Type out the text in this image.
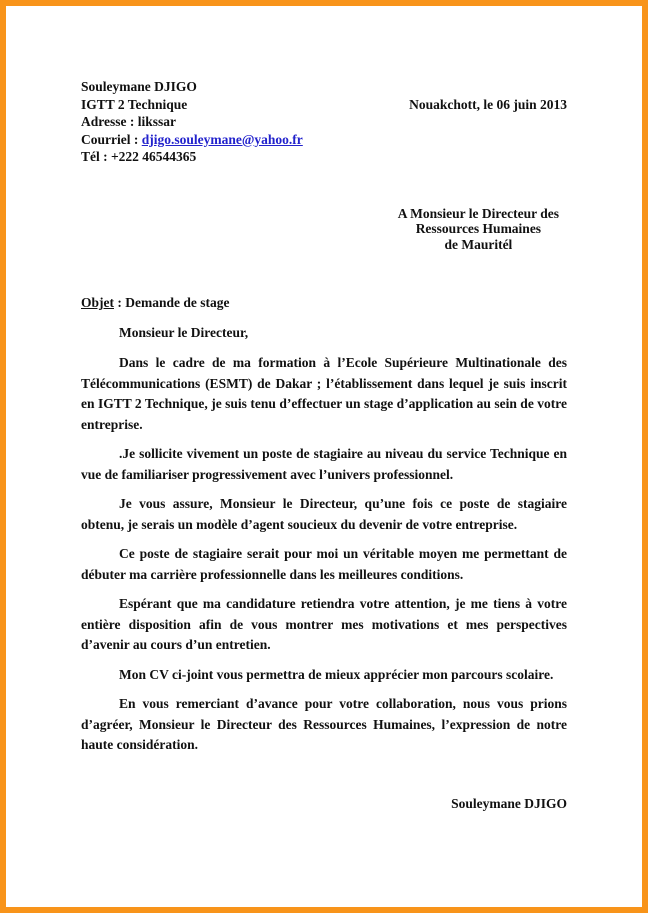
Souleymane DJIGO
IGTT 2 Technique
Adresse : likssar
Courriel : djigo.souleymane@yahoo.fr
Tél : +222 46544365
Nouakchott, le 06 juin 2013
A Monsieur le Directeur des
Ressources Humaines
de Mauritél
Objet : Demande de stage
Monsieur le Directeur,

Dans le cadre de ma formation à l’Ecole Supérieure Multinationale des Télécommunications (ESMT) de Dakar ; l’établissement dans lequel je suis inscrit en IGTT 2 Technique, je suis tenu d’effectuer un stage d’application au sein de votre entreprise.

.Je sollicite vivement un poste de stagiaire au niveau du service Technique en vue de familiariser progressivement avec l’univers professionnel.

Je vous assure, Monsieur le Directeur, qu’une fois ce poste de stagiaire obtenu, je serais un modèle d’agent soucieux du devenir de votre entreprise.

Ce poste de stagiaire serait pour moi un véritable moyen me permettant de débuter ma carrière professionnelle dans les meilleures conditions.

Espérant que ma candidature retiendra votre attention, je me tiens à votre entière disposition afin de vous montrer mes motivations et mes perspectives d’avenir au cours d’un entretien.

Mon CV ci-joint vous permettra de mieux apprécier mon parcours scolaire.

En vous remerciant d’avance pour votre collaboration, nous vous prions d’agréer, Monsieur le Directeur des Ressources Humaines, l’expression de notre haute considération.

Souleymane DJIGO
